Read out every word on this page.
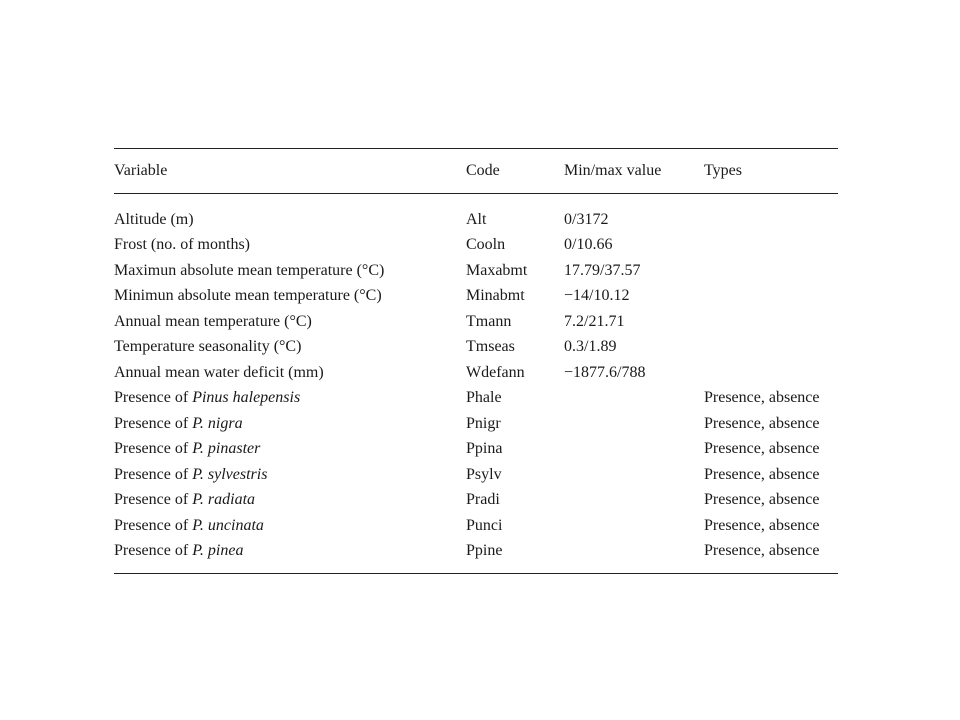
Variable	Code	Min/max value	Types
Altitude (m)	Alt	0/3172	
Frost (no. of months)	Cooln	0/10.66	
Maximun absolute mean temperature (°C)	Maxabmt	17.79/37.57	
Minimun absolute mean temperature (°C)	Minabmt	−14/10.12	
Annual mean temperature (°C)	Tmann	7.2/21.71	
Temperature seasonality (°C)	Tmseas	0.3/1.89	
Annual mean water deficit (mm)	Wdefann	−1877.6/788	
Presence of Pinus halepensis	Phale		Presence, absence
Presence of P. nigra	Pnigr		Presence, absence
Presence of P. pinaster	Ppina		Presence, absence
Presence of P. sylvestris	Psylv		Presence, absence
Presence of P. radiata	Pradi		Presence, absence
Presence of P. uncinata	Punci		Presence, absence
Presence of P. pinea	Ppine		Presence, absence
